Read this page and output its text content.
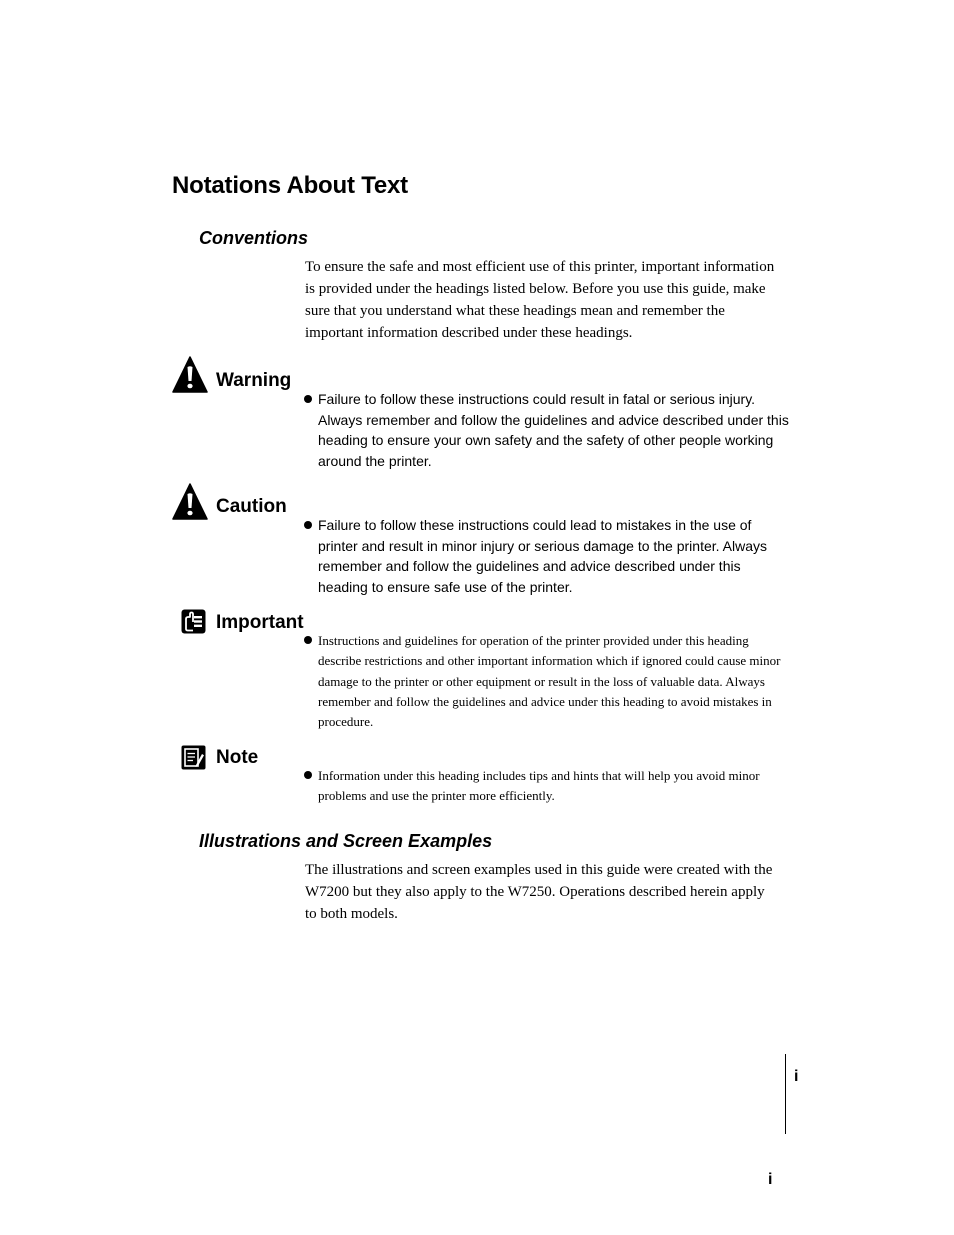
Notations About Text
Conventions

To ensure the safe and most efficient use of this printer, important information is provided under the headings listed below. Before you use this guide, make sure that you understand what these headings mean and remember the important information described under these headings.

Warning

Failure to follow these instructions could result in fatal or serious injury. Always remember and follow the guidelines and advice described under this heading to ensure your own safety and the safety of other people working around the printer.

Caution

Failure to follow these instructions could lead to mistakes in the use of printer and result in minor injury or serious damage to the printer. Always remember and follow the guidelines and advice described under this heading to ensure safe use of the printer.

Important

Instructions and guidelines for operation of the printer provided under this heading describe restrictions and other important information which if ignored could cause minor damage to the printer or other equipment or result in the loss of valuable data. Always remember and follow the guidelines and advice under this heading to avoid mistakes in procedure.

Note

Information under this heading includes tips and hints that will help you avoid minor problems and use the printer more efficiently.

Illustrations and Screen Examples

The illustrations and screen examples used in this guide were created with the W7200 but they also apply to the W7250. Operations described herein apply to both models.

i
i
